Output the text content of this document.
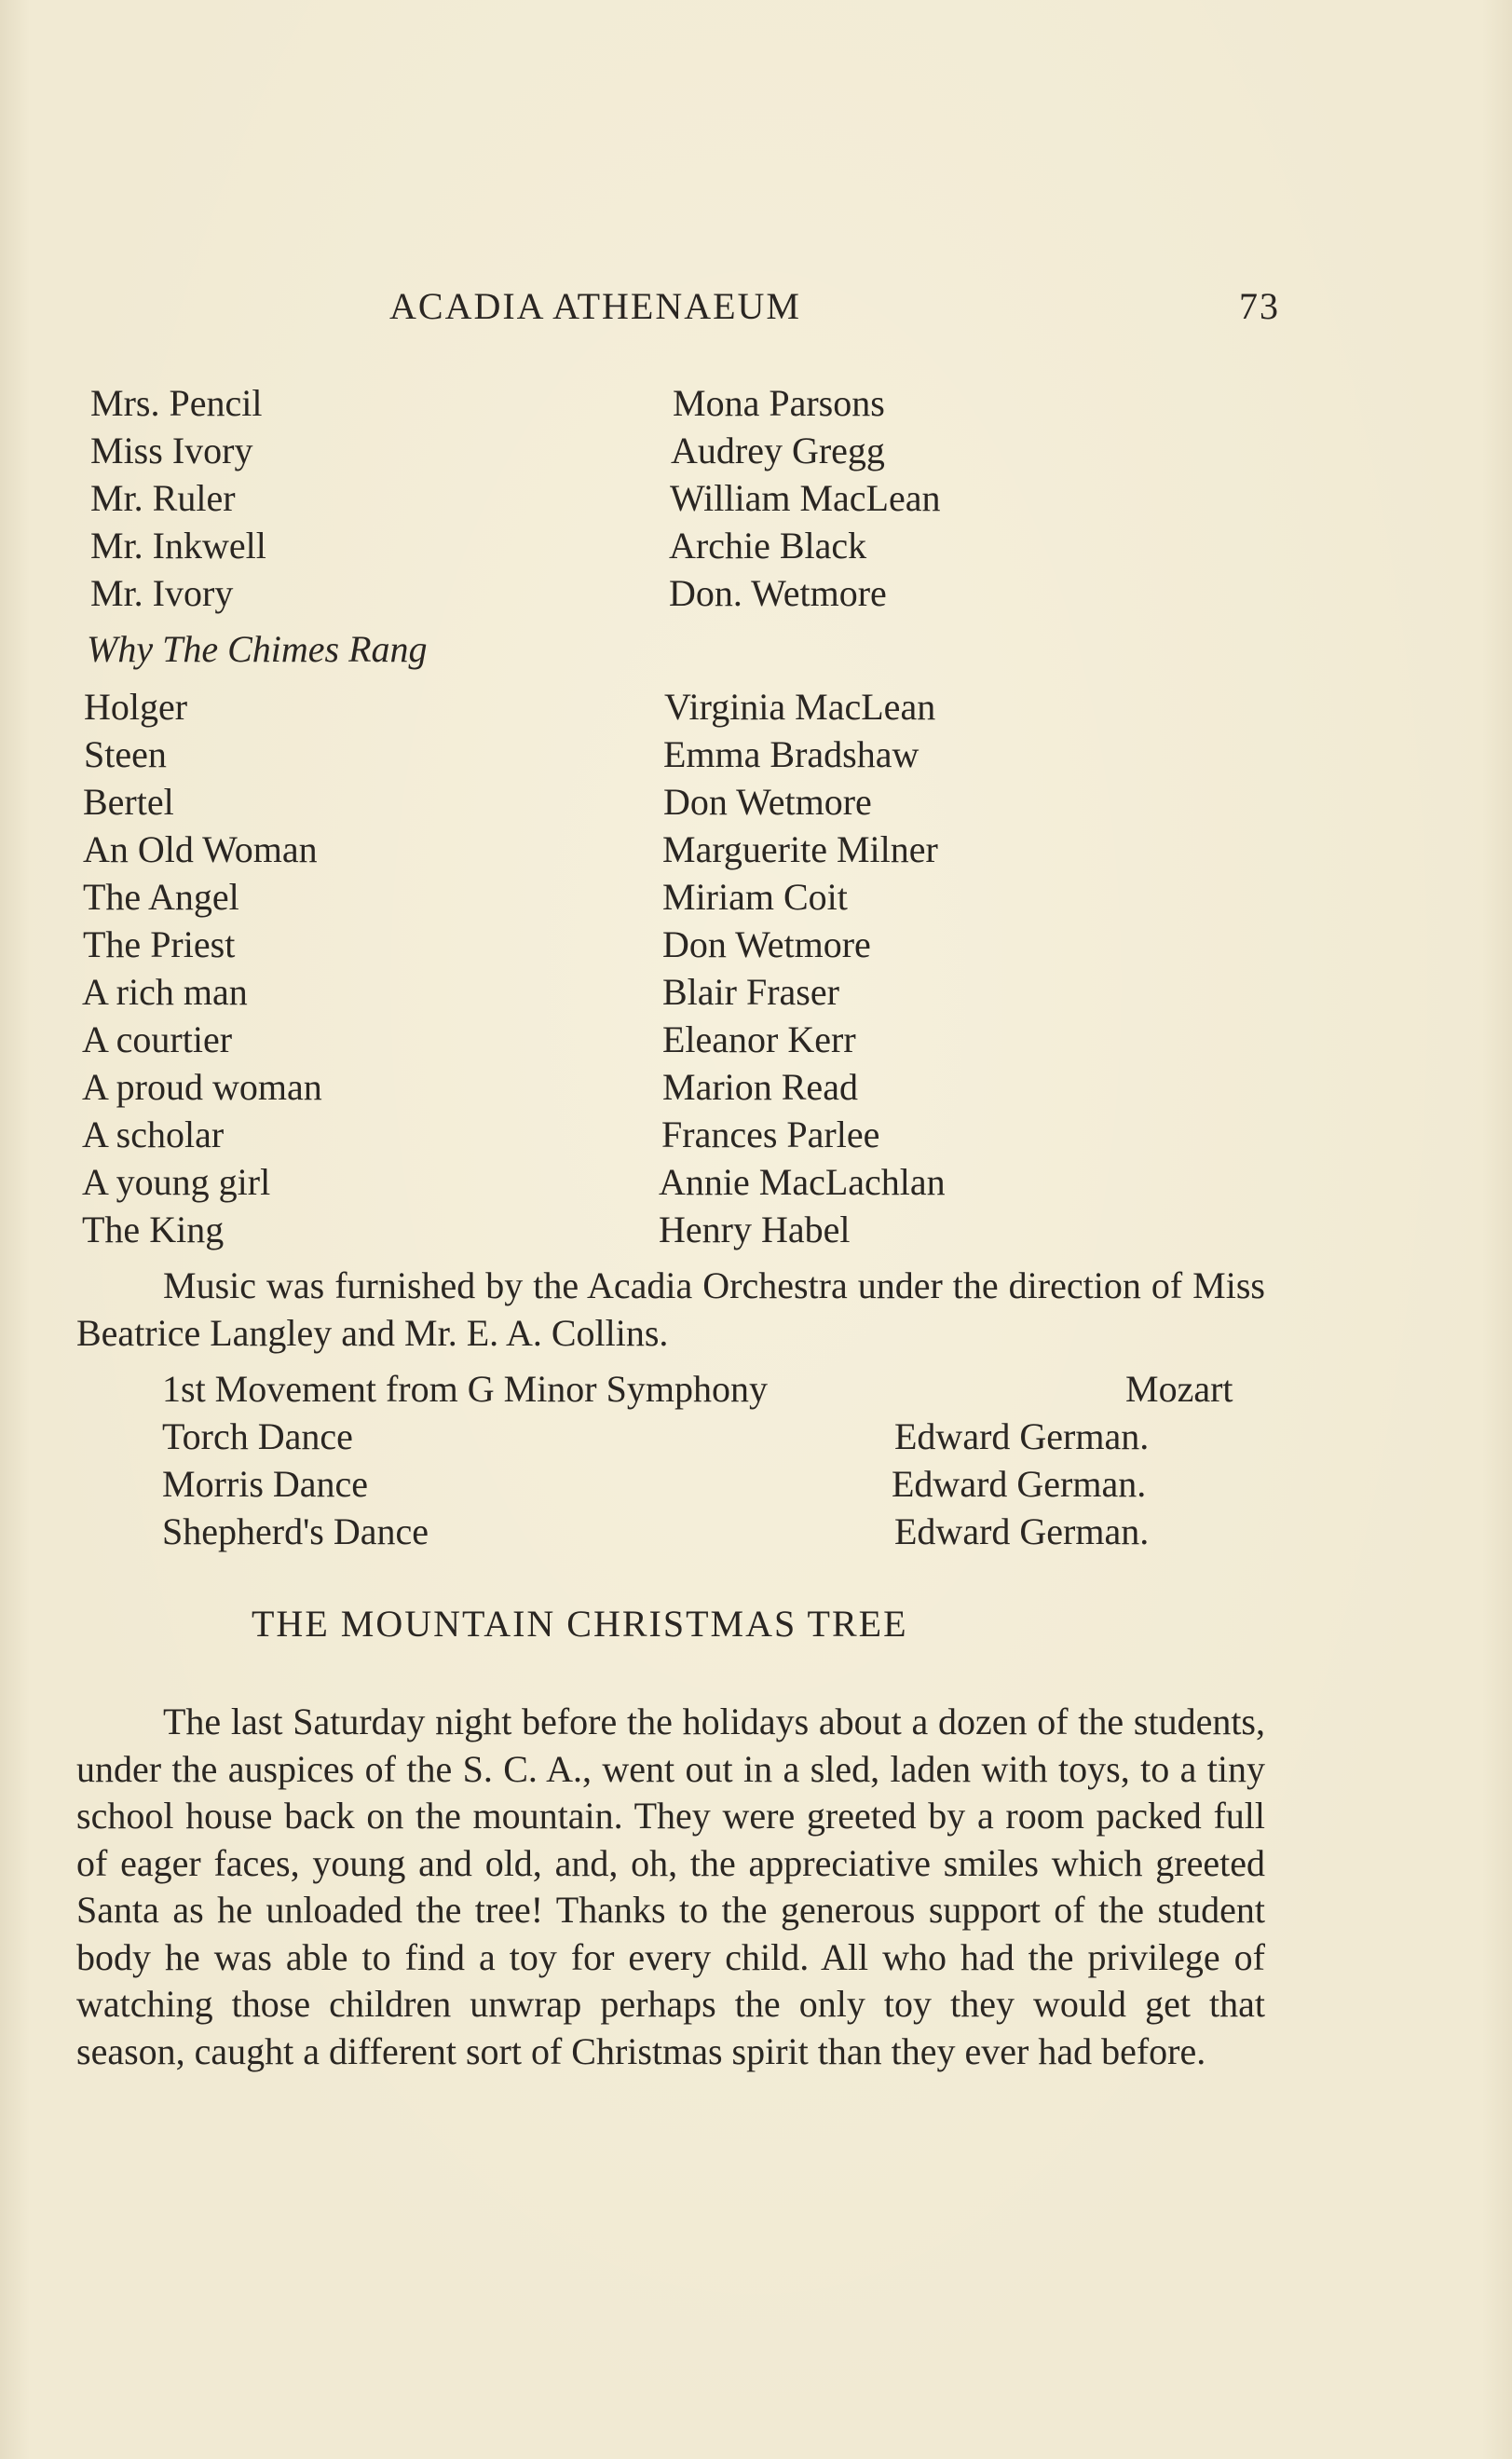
ACADIA ATHENAEUM	73
Mrs. Pencil	Mona Parsons
Miss Ivory	Audrey Gregg
Mr. Ruler	William MacLean
Mr. Inkwell	Archie Black
Mr. Ivory	Don. Wetmore
Why The Chimes Rang
Holger	Virginia MacLean
Steen	Emma Bradshaw
Bertel	Don Wetmore
An Old Woman	Marguerite Milner
The Angel	Miriam Coit
The Priest	Don Wetmore
A rich man	Blair Fraser
A courtier	Eleanor Kerr
A proud woman	Marion Read
A scholar	Frances Parlee
A young girl	Annie MacLachlan
The King	Henry Habel

Music was furnished by the Acadia Orchestra under the direction of Miss Beatrice Langley and Mr. E. A. Collins.

1st Movement from G Minor Symphony	Mozart
Torch Dance	Edward German.
Morris Dance	Edward German.
Shepherd's Dance	Edward German.
THE MOUNTAIN CHRISTMAS TREE

The last Saturday night before the holidays about a dozen of the students, under the auspices of the S. C. A., went out in a sled, laden with toys, to a tiny school house back on the mountain. They were greeted by a room packed full of eager faces, young and old, and, oh, the appreciative smiles which greeted Santa as he unloaded the tree! Thanks to the generous support of the student body he was able to find a toy for every child. All who had the privilege of watching those children unwrap perhaps the only toy they would get that season, caught a different sort of Christmas spirit than they ever had before.
